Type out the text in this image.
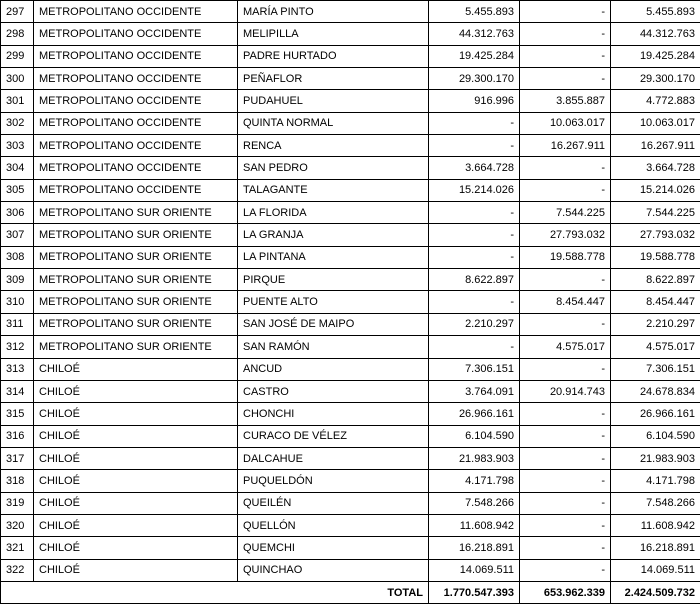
297	METROPOLITANO OCCIDENTE	MARÍA PINTO	5.455.893	-	5.455.893
298	METROPOLITANO OCCIDENTE	MELIPILLA	44.312.763	-	44.312.763
299	METROPOLITANO OCCIDENTE	PADRE HURTADO	19.425.284	-	19.425.284
300	METROPOLITANO OCCIDENTE	PEÑAFLOR	29.300.170	-	29.300.170
301	METROPOLITANO OCCIDENTE	PUDAHUEL	916.996	3.855.887	4.772.883
302	METROPOLITANO OCCIDENTE	QUINTA NORMAL	-	10.063.017	10.063.017
303	METROPOLITANO OCCIDENTE	RENCA	-	16.267.911	16.267.911
304	METROPOLITANO OCCIDENTE	SAN PEDRO	3.664.728	-	3.664.728
305	METROPOLITANO OCCIDENTE	TALAGANTE	15.214.026	-	15.214.026
306	METROPOLITANO SUR ORIENTE	LA FLORIDA	-	7.544.225	7.544.225
307	METROPOLITANO SUR ORIENTE	LA GRANJA	-	27.793.032	27.793.032
308	METROPOLITANO SUR ORIENTE	LA PINTANA	-	19.588.778	19.588.778
309	METROPOLITANO SUR ORIENTE	PIRQUE	8.622.897	-	8.622.897
310	METROPOLITANO SUR ORIENTE	PUENTE ALTO	-	8.454.447	8.454.447
311	METROPOLITANO SUR ORIENTE	SAN JOSÉ DE MAIPO	2.210.297	-	2.210.297
312	METROPOLITANO SUR ORIENTE	SAN RAMÓN	-	4.575.017	4.575.017
313	CHILOÉ	ANCUD	7.306.151	-	7.306.151
314	CHILOÉ	CASTRO	3.764.091	20.914.743	24.678.834
315	CHILOÉ	CHONCHI	26.966.161	-	26.966.161
316	CHILOÉ	CURACO DE VÉLEZ	6.104.590	-	6.104.590
317	CHILOÉ	DALCAHUE	21.983.903	-	21.983.903
318	CHILOÉ	PUQUELDÓN	4.171.798	-	4.171.798
319	CHILOÉ	QUEILÉN	7.548.266	-	7.548.266
320	CHILOÉ	QUELLÓN	11.608.942	-	11.608.942
321	CHILOÉ	QUEMCHI	16.218.891	-	16.218.891
322	CHILOÉ	QUINCHAO	14.069.511	-	14.069.511
TOTAL			1.770.547.393	653.962.339	2.424.509.732
